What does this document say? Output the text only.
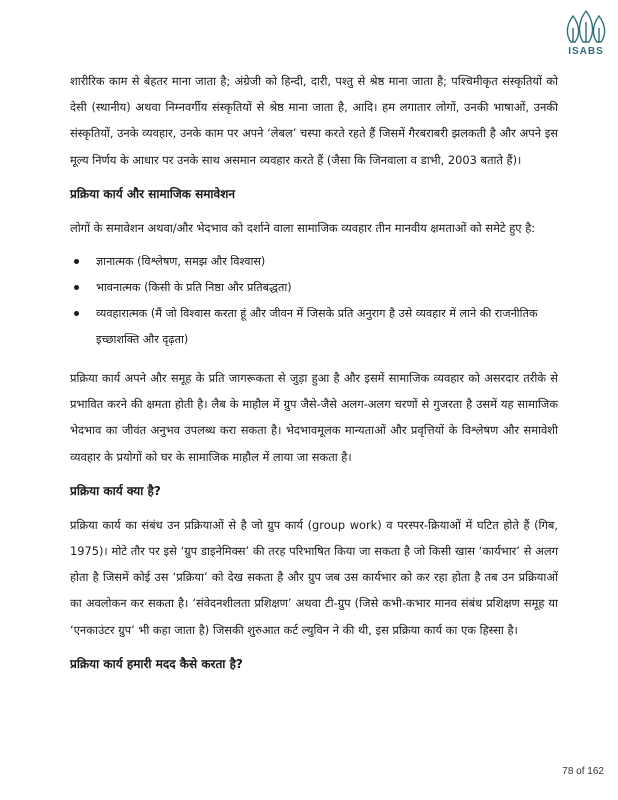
ISABS

शारीरिक काम से बेहतर माना जाता है; अंग्रेजी को हिन्दी, दारी, पश्तु से श्रेष्ठ माना जाता है; पश्चिमीकृत संस्कृतियों को देसी (स्थानीय) अथवा निम्नवर्गीय संस्कृतियों से श्रेष्ठ माना जाता है, आदि। हम लगातार लोगों, उनकी भाषाओं, उनकी संस्कृतियों, उनके व्यवहार, उनके काम पर अपने ‘लेबल’ चस्पा करते रहते हैं जिसमें गैरबराबरी झलकती है और अपने इस मूल्य निर्णय के आधार पर उनके साथ असमान व्यवहार करते हैं (जैसा कि जिनवाला व डाभी, 2003 बताते हैं)।

प्रक्रिया कार्य और सामाजिक समावेशन

लोगों के समावेशन अथवा/और भेदभाव को दर्शाने वाला सामाजिक व्यवहार तीन मानवीय क्षमताओं को समेटे हुए है:

ज्ञानात्मक (विश्लेषण, समझ और विश्वास)
भावनात्मक (किसी के प्रति निष्ठा और प्रतिबद्धता)
व्यवहारात्मक (मैं जो विश्वास करता हूं और जीवन में जिसके प्रति अनुराग है उसे व्यवहार में लाने की राजनीतिक इच्छाशक्ति और दृढ़ता)

प्रक्रिया कार्य अपने और समूह के प्रति जागरूकता से जुड़ा हुआ है और इसमें सामाजिक व्यवहार को असरदार तरीके से प्रभावित करने की क्षमता होती है। लैब के माहौल में ग्रुप जैसे-जैसे अलग-अलग चरणों से गुजरता है उसमें यह सामाजिक भेदभाव का जीवंत अनुभव उपलब्ध करा सकता है। भेदभावमूलक मान्यताओं और प्रवृत्तियों के विश्लेषण और समावेशी व्यवहार के प्रयोगों को घर के सामाजिक माहौल में लाया जा सकता है।

प्रक्रिया कार्य क्या है?

प्रक्रिया कार्य का संबंध उन प्रक्रियाओं से है जो ग्रुप कार्य (group work) व परस्पर-क्रियाओं में घटित होते हैं (गिब, 1975)। मोटे तौर पर इसे ‘ग्रुप डाइनेमिक्स’ की तरह परिभाषित किया जा सकता है जो किसी खास ‘कार्यभार’ से अलग होता है जिसमें कोई उस ‘प्रक्रिया’ को देख सकता है और ग्रुप जब उस कार्यभार को कर रहा होता है तब उन प्रक्रियाओं का अवलोकन कर सकता है। ‘संवेदनशीलता प्रशिक्षण’ अथवा टी-ग्रुप (जिसे कभी-कभार मानव संबंध प्रशिक्षण समूह या ‘एनकाउंटर ग्रुप’ भी कहा जाता है) जिसकी शुरुआत कर्ट ल्युविन ने की थी, इस प्रक्रिया कार्य का एक हिस्सा है।

प्रक्रिया कार्य हमारी मदद कैसे करता है?

78 of 162
